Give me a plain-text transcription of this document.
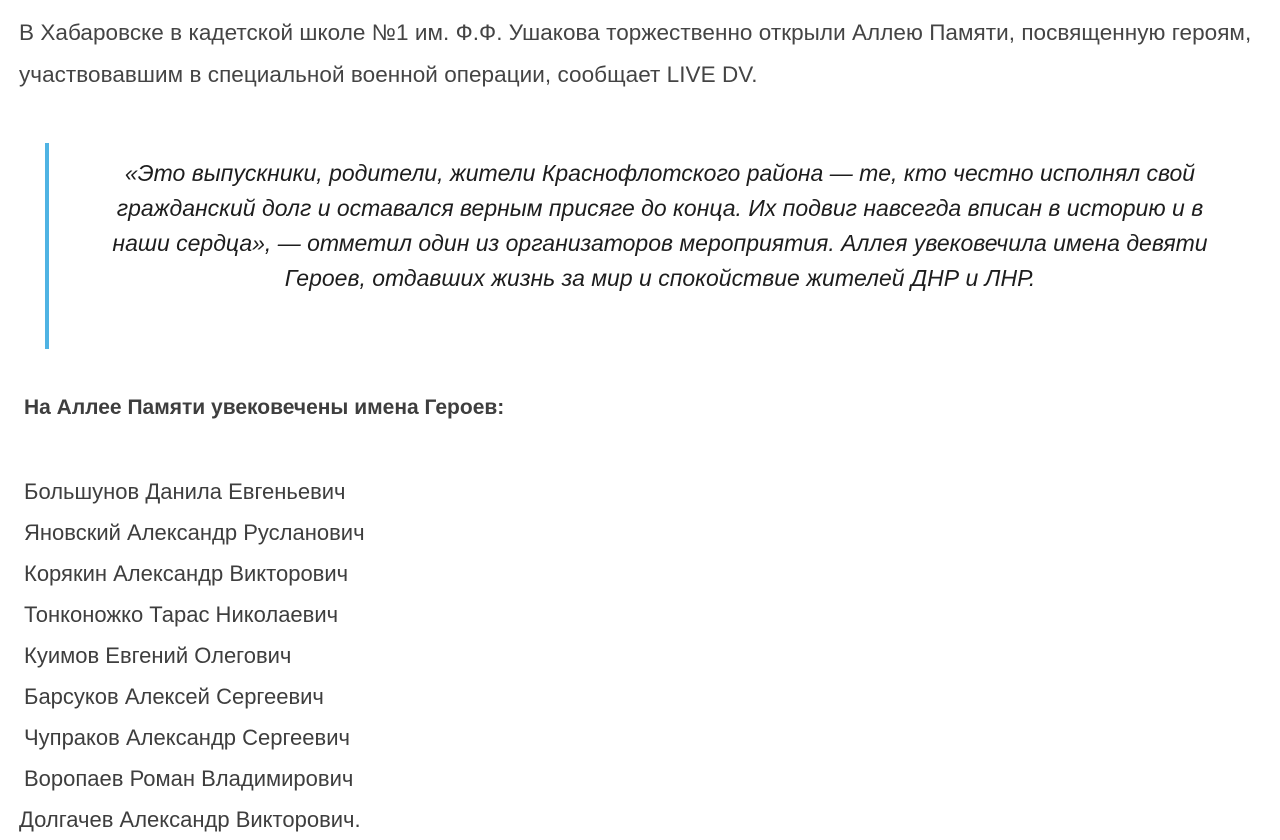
В Хабаровске в кадетской школе №1 им. Ф.Ф. Ушакова торжественно открыли Аллею Памяти, посвященную героям, участвовавшим в специальной военной операции, сообщает LIVE DV.

«Это выпускники, родители, жители Краснофлотского района — те, кто честно исполнял свой гражданский долг и оставался верным присяге до конца. Их подвиг навсегда вписан в историю и в наши сердца», — отметил один из организаторов мероприятия. Аллея увековечила имена девяти Героев, отдавших жизнь за мир и спокойствие жителей ДНР и ЛНР.

На Аллее Памяти увековечены имена Героев:

Большунов Данила Евгеньевич
Яновский Александр Русланович
Корякин Александр Викторович
Тонконожко Тарас Николаевич
Куимов Евгений Олегович
Барсуков Алексей Сергеевич
Чупраков Александр Сергеевич
Воропаев Роман Владимирович
Долгачев Александр Викторович.
